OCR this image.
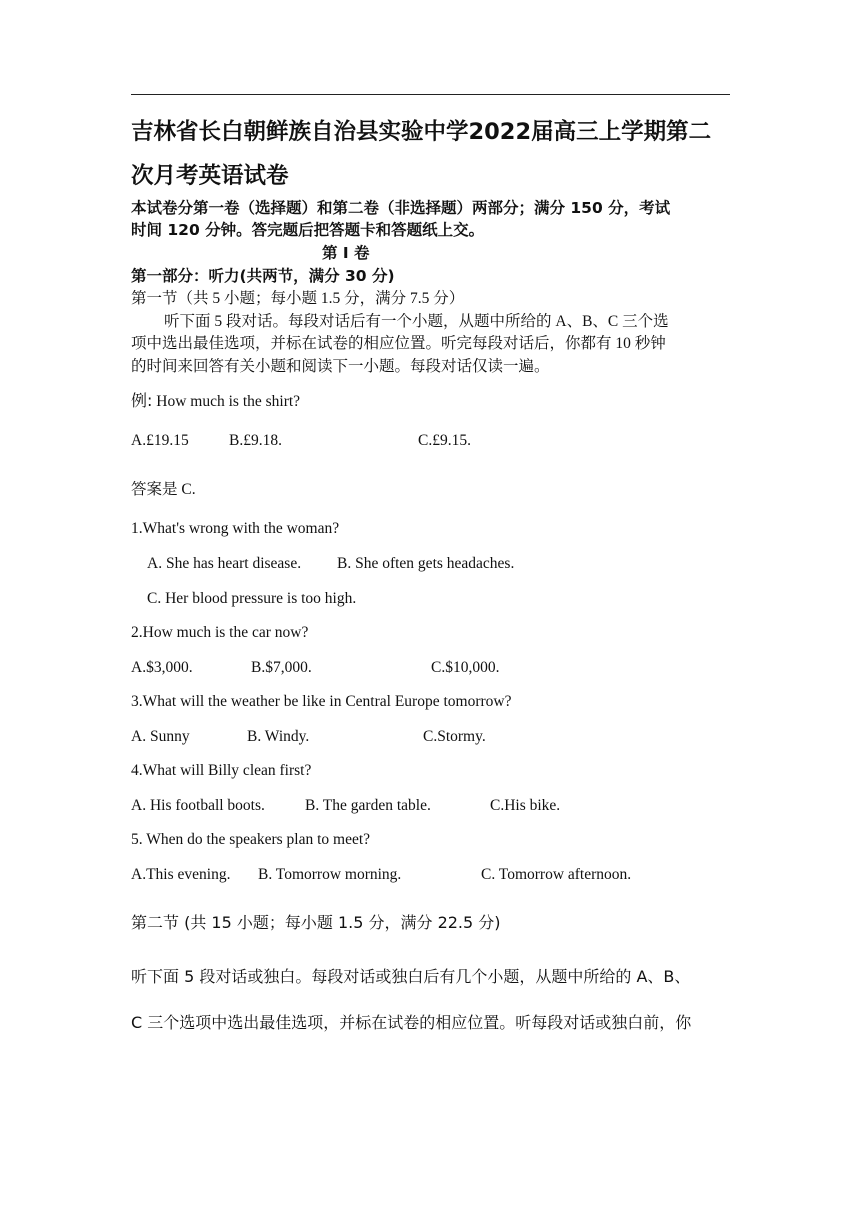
吉林省长白朝鲜族自治县实验中学2022届高三上学期第二
次月考英语试卷
本试卷分第一卷（选择题）和第二卷（非选择题）两部分；满分 150 分，考试
时间 120 分钟。答完题后把答题卡和答题纸上交。
第 I 卷
第一部分：听力(共两节，满分 30 分)
第一节（共 5 小题；每小题 1.5 分，满分 7.5 分）
听下面 5 段对话。每段对话后有一个小题，从题中所给的 A、B、C 三个选
项中选出最佳选项，并标在试卷的相应位置。听完每段对话后，你都有 10 秒钟
的时间来回答有关小题和阅读下一小题。每段对话仅读一遍。
例: How much is the shirt?
A.£19.15	B.£9.18.	C.£9.15.
答案是 C.
1.What's wrong with the woman?
A. She has heart disease. B. She often gets headaches.
C. Her blood pressure is too high.
2.How much is the car now?
A.$3,000.	B.$7,000.	C.$10,000.
3.What will the weather be like in Central Europe tomorrow?
A. Sunny	B. Windy.	C.Stormy.
4.What will Billy clean first?
A. His football boots.	B. The garden table.	C.His bike.
5. When do the speakers plan to meet?
A.This evening. B. Tomorrow morning.	C. Tomorrow afternoon.
第二节 (共 15 小题；每小题 1.5 分，满分 22.5 分)
听下面 5 段对话或独白。每段对话或独白后有几个小题，从题中所给的 A、B、
C 三个选项中选出最佳选项，并标在试卷的相应位置。听每段对话或独白前，你
